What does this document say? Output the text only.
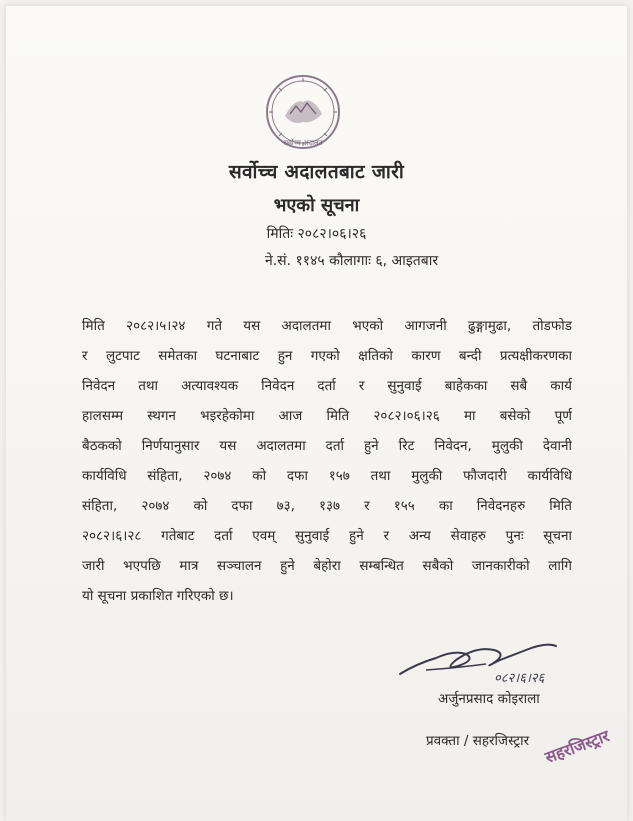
सर्वोच्च अदालत
सर्वोच्च अदालतबाट जारी
भएको सूचना
मितिः २०८२।०६।२६
ने.सं. ११४५ कौलागाः ६, आइतबार
मिति २०८२।५।२४ गते यस अदालतमा भएको आगजनी ढुङ्गामुढा, तोडफोड
र लुटपाट समेतका घटनाबाट हुन गएको क्षतिको कारण बन्दी प्रत्यक्षीकरणका
निवेदन तथा अत्यावश्यक निवेदन दर्ता र सुनुवाई बाहेकका सबै कार्य
हालसम्म स्थगन भइरहेकोमा आज मिति २०८२।०६।२६ मा बसेको पूर्ण
बैठकको निर्णयानुसार यस अदालतमा दर्ता हुने रिट निवेदन, मुलुकी देवानी
कार्यविधि संहिता, २०७४ को दफा १५७ तथा मुलुकी फौजदारी कार्यविधि
संहिता, २०७४ को दफा ७३, १३७ र १५५ का निवेदनहरु मिति
२०८२।६।२८ गतेबाट दर्ता एवम् सुनुवाई हुने र अन्य सेवाहरु पुनः सूचना
जारी भएपछि मात्र सञ्चालन हुने बेहोरा सम्बन्धित सबैको जानकारीको लागि
यो सूचना प्रकाशित गरिएको छ।
०८२।६।२६
अर्जुनप्रसाद कोइराला
प्रवक्ता / सहरजिस्ट्रार सहरजिस्ट्रार
